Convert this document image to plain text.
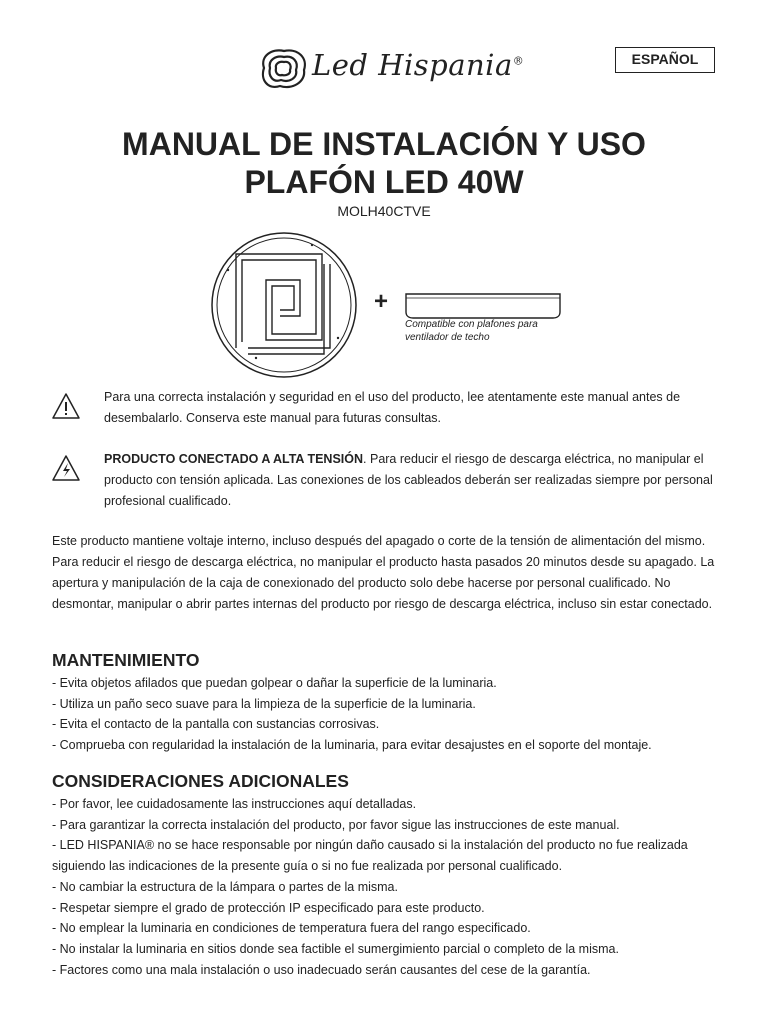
Led Hispania®	ESPAÑOL
MANUAL DE INSTALACIÓN Y USO
PLAFÓN LED 40W
MOLH40CTVE
+
Compatible con plafones para ventilador de techo
Para una correcta instalación y seguridad en el uso del producto, lee atentamente este manual antes de desembalarlo. Conserva este manual para futuras consultas.
PRODUCTO CONECTADO A ALTA TENSIÓN. Para reducir el riesgo de descarga eléctrica, no manipular el producto con tensión aplicada. Las conexiones de los cableados deberán ser realizadas siempre por personal profesional cualificado.
Este producto mantiene voltaje interno, incluso después del apagado o corte de la tensión de alimentación del mismo. Para reducir el riesgo de descarga eléctrica, no manipular el producto hasta pasados 20 minutos desde su apagado. La apertura y manipulación de la caja de conexionado del producto solo debe hacerse por personal cualificado. No desmontar, manipular o abrir partes internas del producto por riesgo de descarga eléctrica, incluso sin estar conectado.
MANTENIMIENTO
- Evita objetos afilados que puedan golpear o dañar la superficie de la luminaria.
- Utiliza un paño seco suave para la limpieza de la superficie de la luminaria.
- Evita el contacto de la pantalla con sustancias corrosivas.
- Comprueba con regularidad la instalación de la luminaria, para evitar desajustes en el soporte del montaje.
CONSIDERACIONES ADICIONALES
- Por favor, lee cuidadosamente las instrucciones aquí detalladas.
- Para garantizar la correcta instalación del producto, por favor sigue las instrucciones de este manual.
- LED HISPANIA® no se hace responsable por ningún daño causado si la instalación del producto no fue realizada siguiendo las indicaciones de la presente guía o si no fue realizada por personal cualificado.
- No cambiar la estructura de la lámpara o partes de la misma.
- Respetar siempre el grado de protección IP especificado para este producto.
- No emplear la luminaria en condiciones de temperatura fuera del rango especificado.
- No instalar la luminaria en sitios donde sea factible el sumergimiento parcial o completo de la misma.
- Factores como una mala instalación o uso inadecuado serán causantes del cese de la garantía.
